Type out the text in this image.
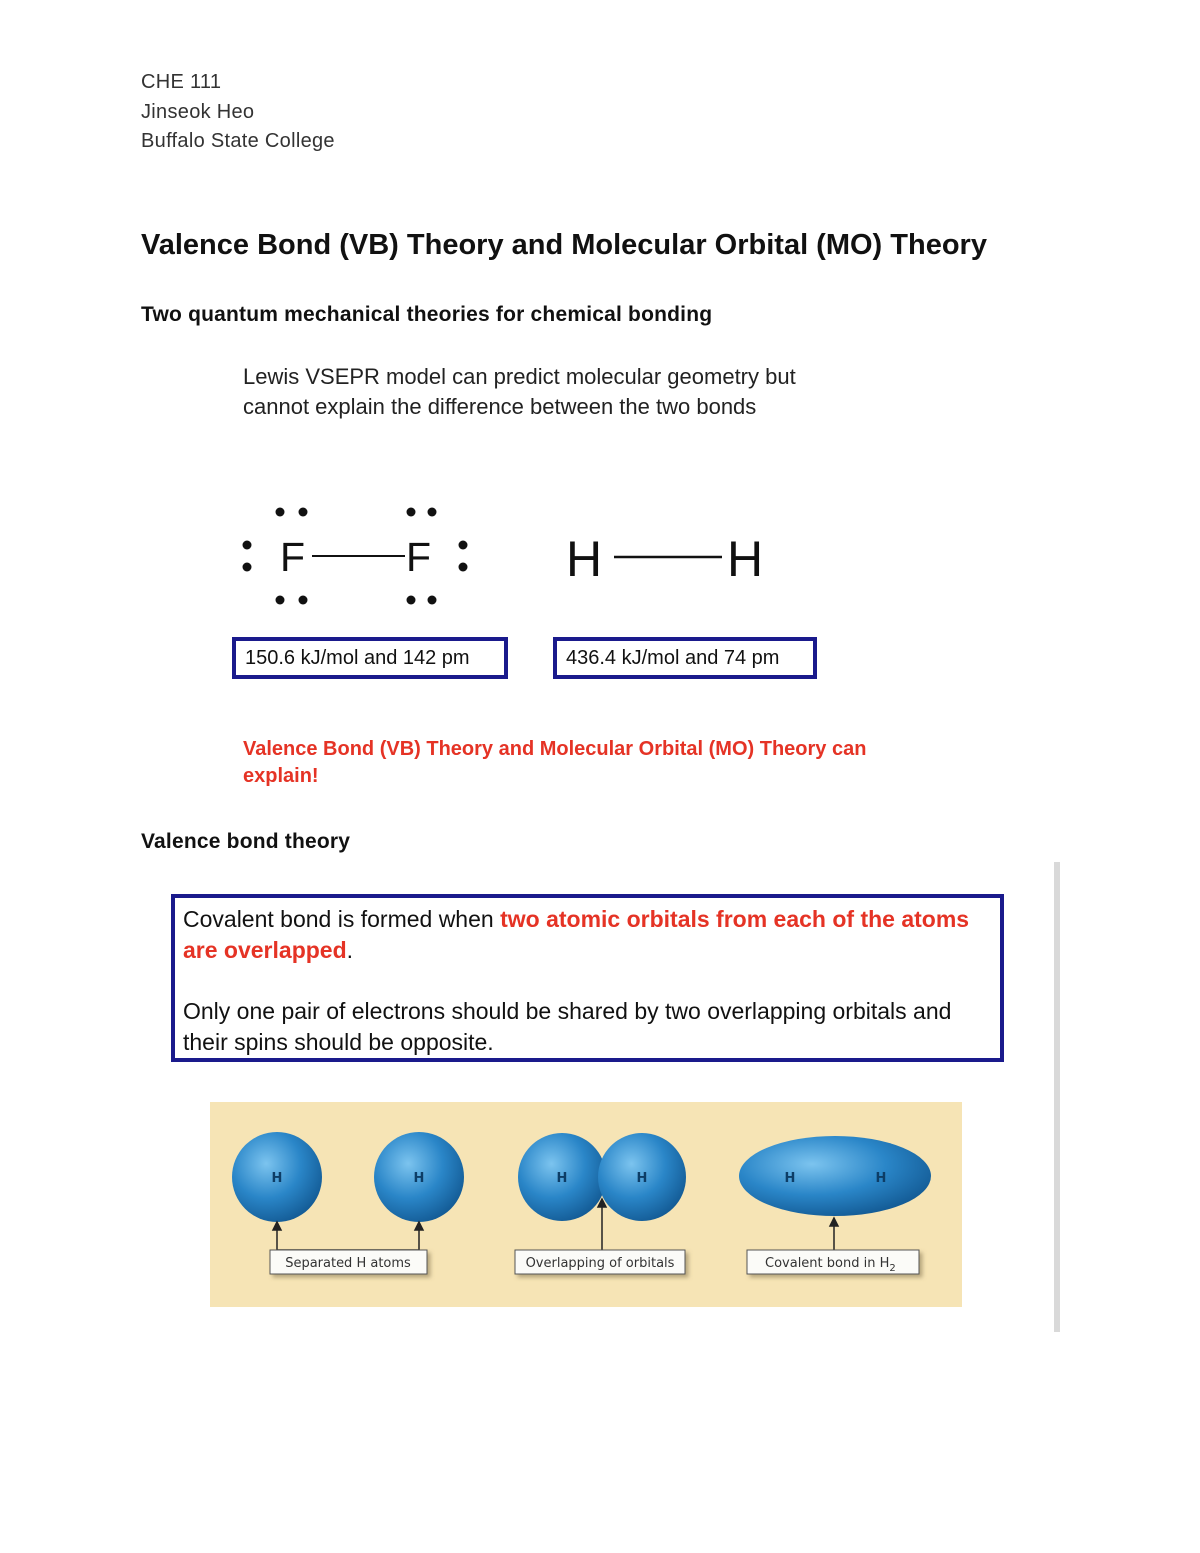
CHE 111
Jinseok Heo
Buffalo State College
Valence Bond (VB) Theory and Molecular Orbital (MO) Theory
Two quantum mechanical theories for chemical bonding
Lewis VSEPR model can predict molecular geometry but cannot explain the difference between the two bonds
F F	H H
150.6 kJ/mol and 142 pm	436.4 kJ/mol and 74 pm
Valence Bond (VB) Theory and Molecular Orbital (MO) Theory can explain!
Valence bond theory

Covalent bond is formed when two atomic orbitals from each of the atoms are overlapped.

Only one pair of electrons should be shared by two overlapping orbitals and their spins should be opposite.

H	H	H	H	H	H
Separated H atoms	Overlapping of orbitals	Covalent bond in $H_2$
